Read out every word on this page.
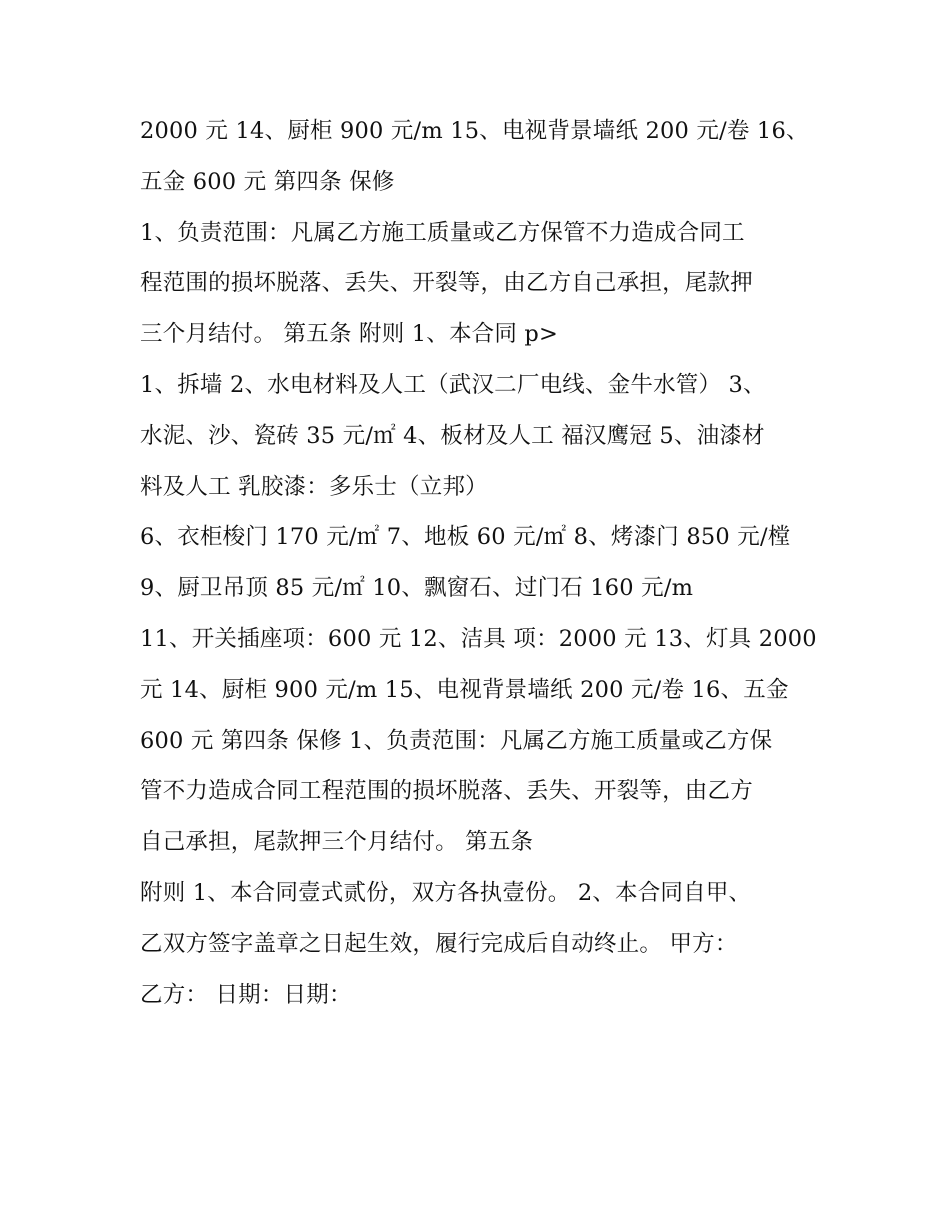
2000 元 14、厨柜 900 元/m 15、电视背景墙纸 200 元/卷 16、
五金 600 元 第四条 保修
1、负责范围：凡属乙方施工质量或乙方保管不力造成合同工
程范围的损坏脱落、丢失、开裂等，由乙方自己承担，尾款押
三个月结付。 第五条 附则 1、本合同 p>
1、拆墙 2、水电材料及人工（武汉二厂电线、金牛水管） 3、
水泥、沙、瓷砖 35 元/㎡ 4、板材及人工 福汉鹰冠 5、油漆材
料及人工 乳胶漆：多乐士（立邦）
6、衣柜梭门 170 元/㎡ 7、地板 60 元/㎡ 8、烤漆门 850 元/樘
9、厨卫吊顶 85 元/㎡ 10、飘窗石、过门石 160 元/m
11、开关插座项：600 元 12、洁具 项：2000 元 13、灯具 2000
元 14、厨柜 900 元/m 15、电视背景墙纸 200 元/卷 16、五金
600 元 第四条 保修 1、负责范围：凡属乙方施工质量或乙方保
管不力造成合同工程范围的损坏脱落、丢失、开裂等，由乙方
自己承担，尾款押三个月结付。 第五条
附则 1、本合同壹式贰份，双方各执壹份。 2、本合同自甲、
乙双方签字盖章之日起生效，履行完成后自动终止。 甲方：
乙方： 日期：日期：
